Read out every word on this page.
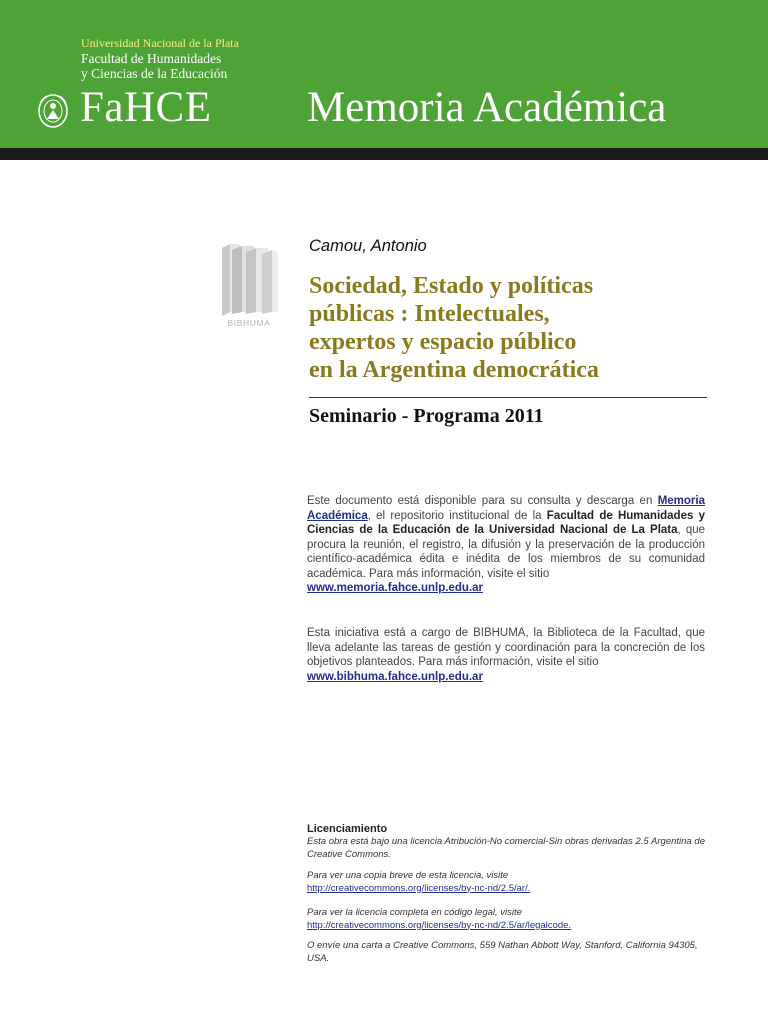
Universidad Nacional de la Plata
Facultad de Humanidades
y Ciencias de la Educación
FaHCE Memoria Académica
BIBHUMA
Camou, Antonio
Sociedad, Estado y políticas
públicas : Intelectuales,
expertos y espacio público
en la Argentina democrática
Seminario - Programa 2011

Este documento está disponible para su consulta y descarga en Memoria Académica, el repositorio institucional de la Facultad de Humanidades y Ciencias de la Educación de la Universidad Nacional de La Plata, que procura la reunión, el registro, la difusión y la preservación de la producción científico-académica édita e inédita de los miembros de su comunidad académica. Para más información, visite el sitio
www.memoria.fahce.unlp.edu.ar

Esta iniciativa está a cargo de BIBHUMA, la Biblioteca de la Facultad, que lleva adelante las tareas de gestión y coordinación para la concreción de los objetivos planteados. Para más información, visite el sitio
www.bibhuma.fahce.unlp.edu.ar

Licenciamiento

Esta obra está bajo una licencia Atribución-No comercial-Sin obras derivadas 2.5 Argentina de Creative Commons.

Para ver una copia breve de esta licencia, visite
http://creativecommons.org/licenses/by-nc-nd/2.5/ar/.

Para ver la licencia completa en código legal, visite
http://creativecommons.org/licenses/by-nc-nd/2.5/ar/legalcode.

O envíe una carta a Creative Commons, 559 Nathan Abbott Way, Stanford, California 94305, USA.
